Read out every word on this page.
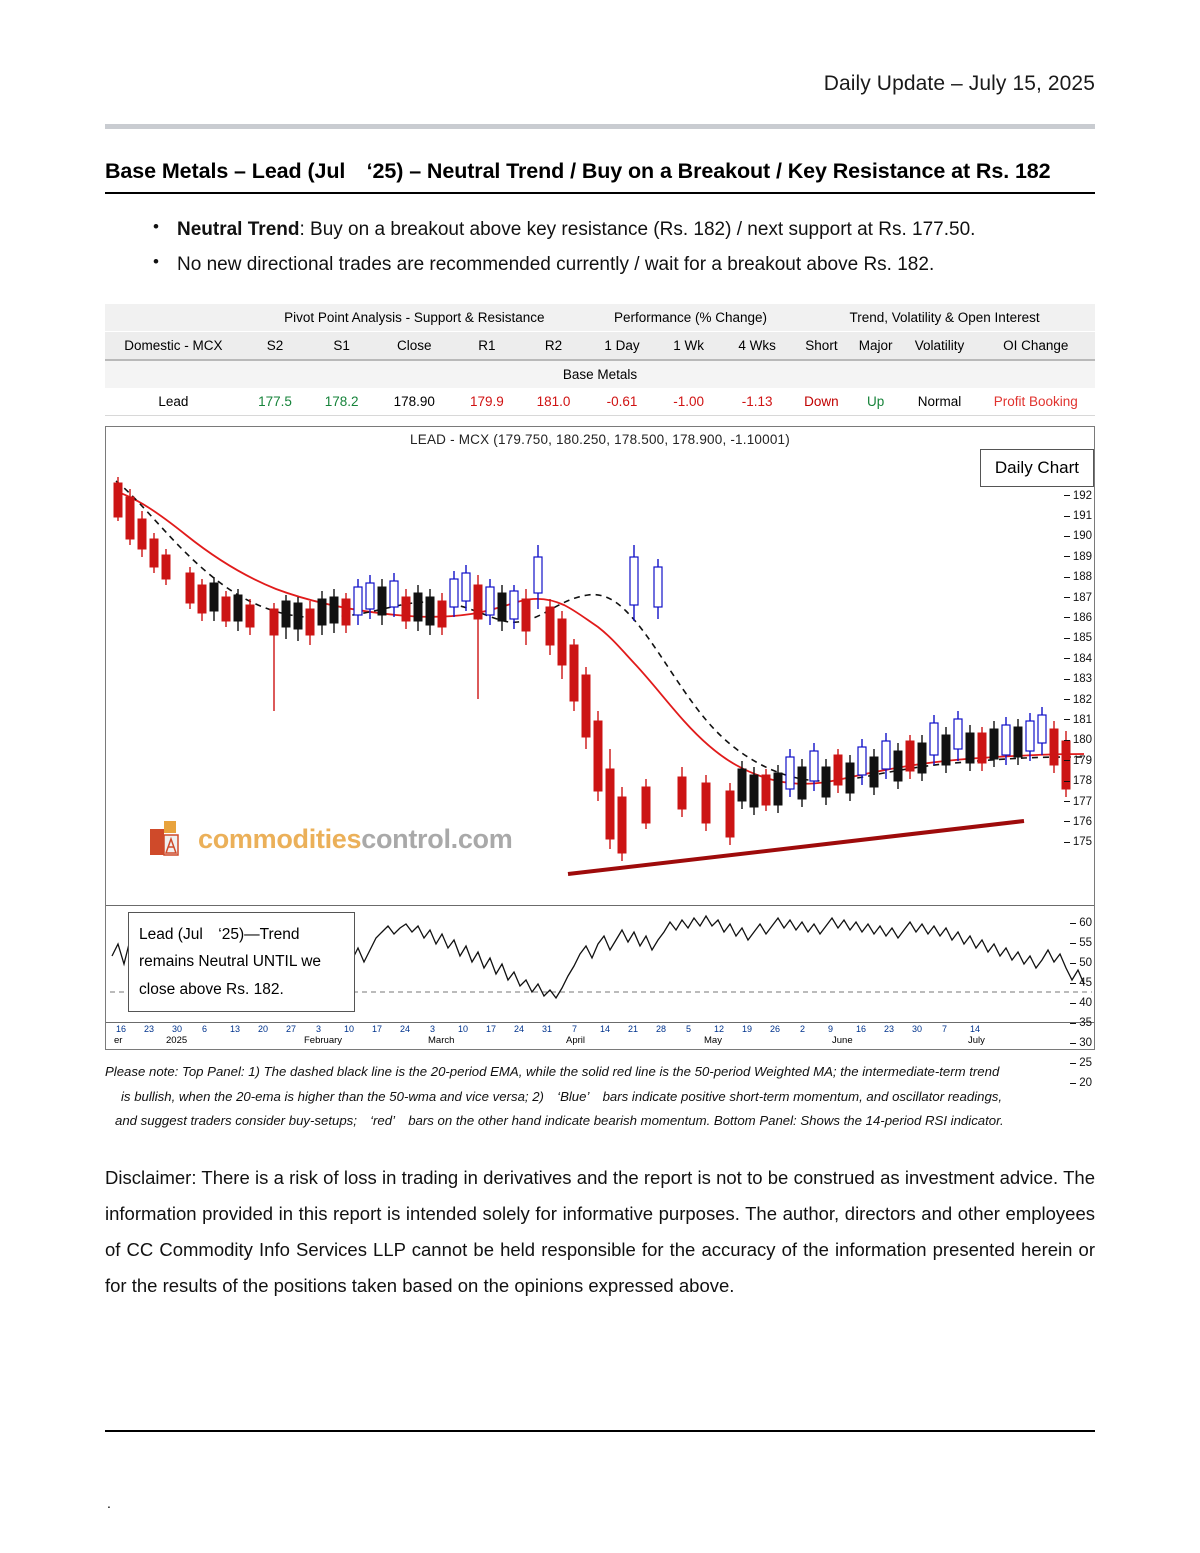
Daily Update – July 15, 2025
Base Metals – Lead (Jul ‘25) – Neutral Trend / Buy on a Breakout / Key Resistance at Rs. 182
• Neutral Trend: Buy on a breakout above key resistance (Rs. 182) / next support at Rs. 177.50.
• No new directional trades are recommended currently / wait for a breakout above Rs. 182.
	Pivot Point Analysis - Support & Resistance					Performance (% Change)			Trend, Volatility & Open Interest			
Domestic - MCX	S2	S1	Close	R1	R2	1 Day	1 Wk	4 Wks	Short	Major	Volatility	OI Change
Base Metals												
Lead	177.5	178.2	178.90	179.9	181.0	-0.61	-1.00	-1.13	Down	Up	Normal	Profit Booking
LEAD - MCX (179.750, 180.250, 178.500, 178.900, -1.10001)
Daily Chart
192
191
190
189
188
187
186
185
184
183
182
181
180
179
178
177
176
175
commoditiescontrol.com
60
55
50
45
40
35
30
25
20
Lead (Jul ‘25)—Trend remains Neutral UNTIL we close above Rs. 182.
16 23 30 6	13 20 27 3	10 17 24 3	10 17 24 31 7	14 21 28 5	12 19 26 2	9	16 23 30 7	14
er	2025	February	March	April	May	June	July
Please note: Top Panel: 1) The dashed black line is the 20-period EMA, while the solid red line is the 50-period Weighted MA; the intermediate-term trend
is bullish, when the 20-ema is higher than the 50-wma and vice versa; 2) ‘Blue’ bars indicate positive short-term momentum, and oscillator readings,
and suggest traders consider buy-setups; ‘red’ bars on the other hand indicate bearish momentum. Bottom Panel: Shows the 14-period RSI indicator.
Disclaimer: There is a risk of loss in trading in derivatives and the report is not to be construed as investment advice. The information provided in this report is intended solely for informative purposes. The author, directors and other employees of CC Commodity Info Services LLP cannot be held responsible for the accuracy of the information presented herein or for the results of the positions taken based on the opinions expressed above.
.
